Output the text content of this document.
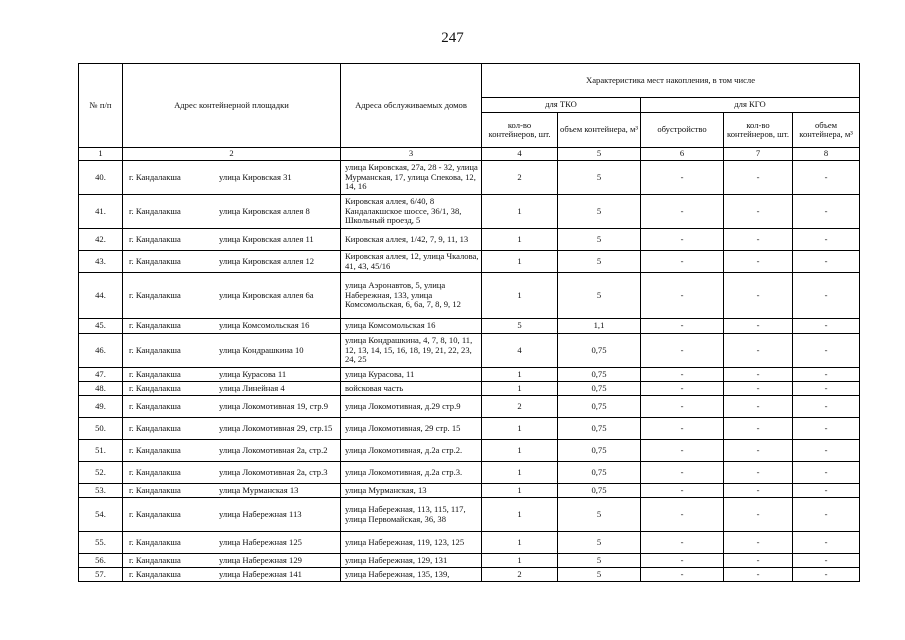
247
№ п/п	Адрес контейнерной площадки	Адреса обслуживаемых домов	Характеристика мест накопления, в том числе				
			для ТКО		для КГО		
			кол-во контейнеров, шт.	объем контейнера, м³	обустройство	кол-во контейнеров, шт.	объем контейнера, м³
1	2	3	4	5	6	7	8
40.	г. Кандалакша улица Кировская 31	улица Кировская, 27а, 28 - 32, улица Мурманская, 17, улица Спекова, 12, 14, 16	2	5	-	-	-
41.	г. Кандалакша улица Кировская аллея 8	Кировская аллея, 6/40, 8 Кандалакшское шоссе, 36/1, 38, Школьный проезд, 5	1	5	-	-	-
42.	г. Кандалакша улица Кировская аллея 11	Кировская аллея, 1/42, 7, 9, 11, 13	1	5	-	-	-
43.	г. Кандалакша улица Кировская аллея 12	Кировская аллея, 12, улица Чкалова, 41, 43, 45/16	1	5	-	-	-
44.	г. Кандалакша улица Кировская аллея 6а	улица Аэронавтов, 5, улица Набережная, 133, улица Комсомольская, 6, 6а, 7, 8, 9, 12	1	5	-	-	-
45.	г. Кандалакша улица Комсомольская 16	улица Комсомольская 16	5	1,1	-	-	-
46.	г. Кандалакша улица Кондрашкина 10	улица Кондрашкина, 4, 7, 8, 10, 11, 12, 13, 14, 15, 16, 18, 19, 21, 22, 23, 24, 25	4	0,75	-	-	-
47.	г. Кандалакша улица Курасова 11	улица Курасова, 11	1	0,75	-	-	-
48.	г. Кандалакша улица Линейная 4	войсковая часть	1	0,75	-	-	-
49.	г. Кандалакша улица Локомотивная 19, стр.9	улица Локомотивная, д.29 стр.9	2	0,75	-	-	-
50.	г. Кандалакша улица Локомотивная 29, стр.15	улица Локомотивная, 29 стр. 15	1	0,75	-	-	-
51.	г. Кандалакша улица Локомотивная 2а, стр.2	улица Локомотивная, д.2а стр.2.	1	0,75	-	-	-
52.	г. Кандалакша улица Локомотивная 2а, стр.3	улица Локомотивная, д.2а стр.3.	1	0,75	-	-	-
53.	г. Кандалакша улица Мурманская 13	улица Мурманская, 13	1	0,75	-	-	-
54.	г. Кандалакша улица Набережная 113	улица Набережная, 113, 115, 117, улица Первомайская, 36, 38	1	5	-	-	-
55.	г. Кандалакша улица Набережная 125	улица Набережная, 119, 123, 125	1	5	-	-	-
56.	г. Кандалакша улица Набережная 129	улица Набережная, 129, 131	1	5	-	-	-
57.	г. Кандалакша улица Набережная 141	улица Набережная, 135, 139,	2	5	-	-	-
